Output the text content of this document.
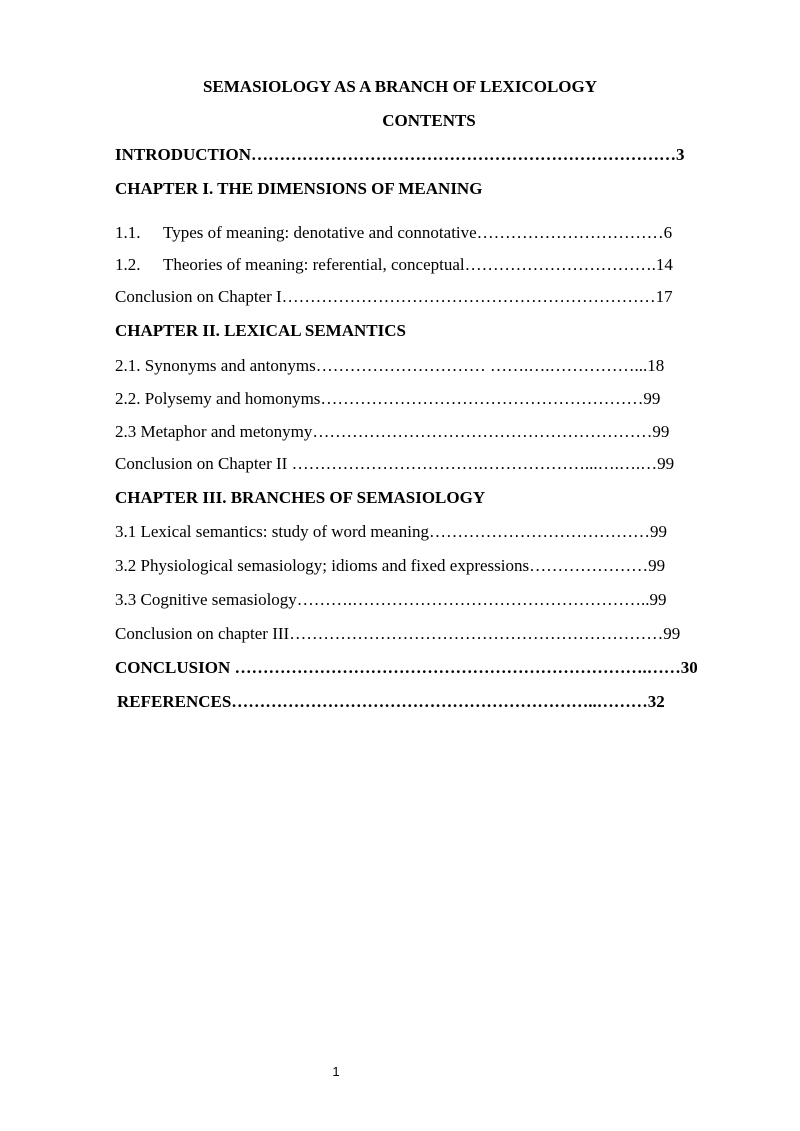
SEMASIOLOGY AS A BRANCH OF LEXICOLOGY

CONTENTS

INTRODUCTION…………………………………………………………………3

CHAPTER I. THE DIMENSIONS OF MEANING

1.1. Types of meaning: denotative and connotative……………………………6

1.2. Theories of meaning: referential, conceptual…………………………….14

Conclusion on Chapter I…………………………………………………………17

CHAPTER II. LEXICAL SEMANTICS

2.1. Synonyms and antonyms………………………… …….….……………...18

2.2. Polysemy and homonyms…………………………………………………99

2.3 Metaphor and metonymy……………………………………………………99

Conclusion on Chapter II …………………………….………………...….….…99

CHAPTER III. BRANCHES OF SEMASIOLOGY

3.1 Lexical semantics: study of word meaning…………………………………99

3.2 Physiological semasiology; idioms and fixed expressions…………………99

3.3 Cognitive semasiology……….……………………………………………..99

Conclusion on chapter III…………………………………………………………99

CONCLUSION ……………………………………………………………….……30

REFERENCES………………………………………………………..………32

1
